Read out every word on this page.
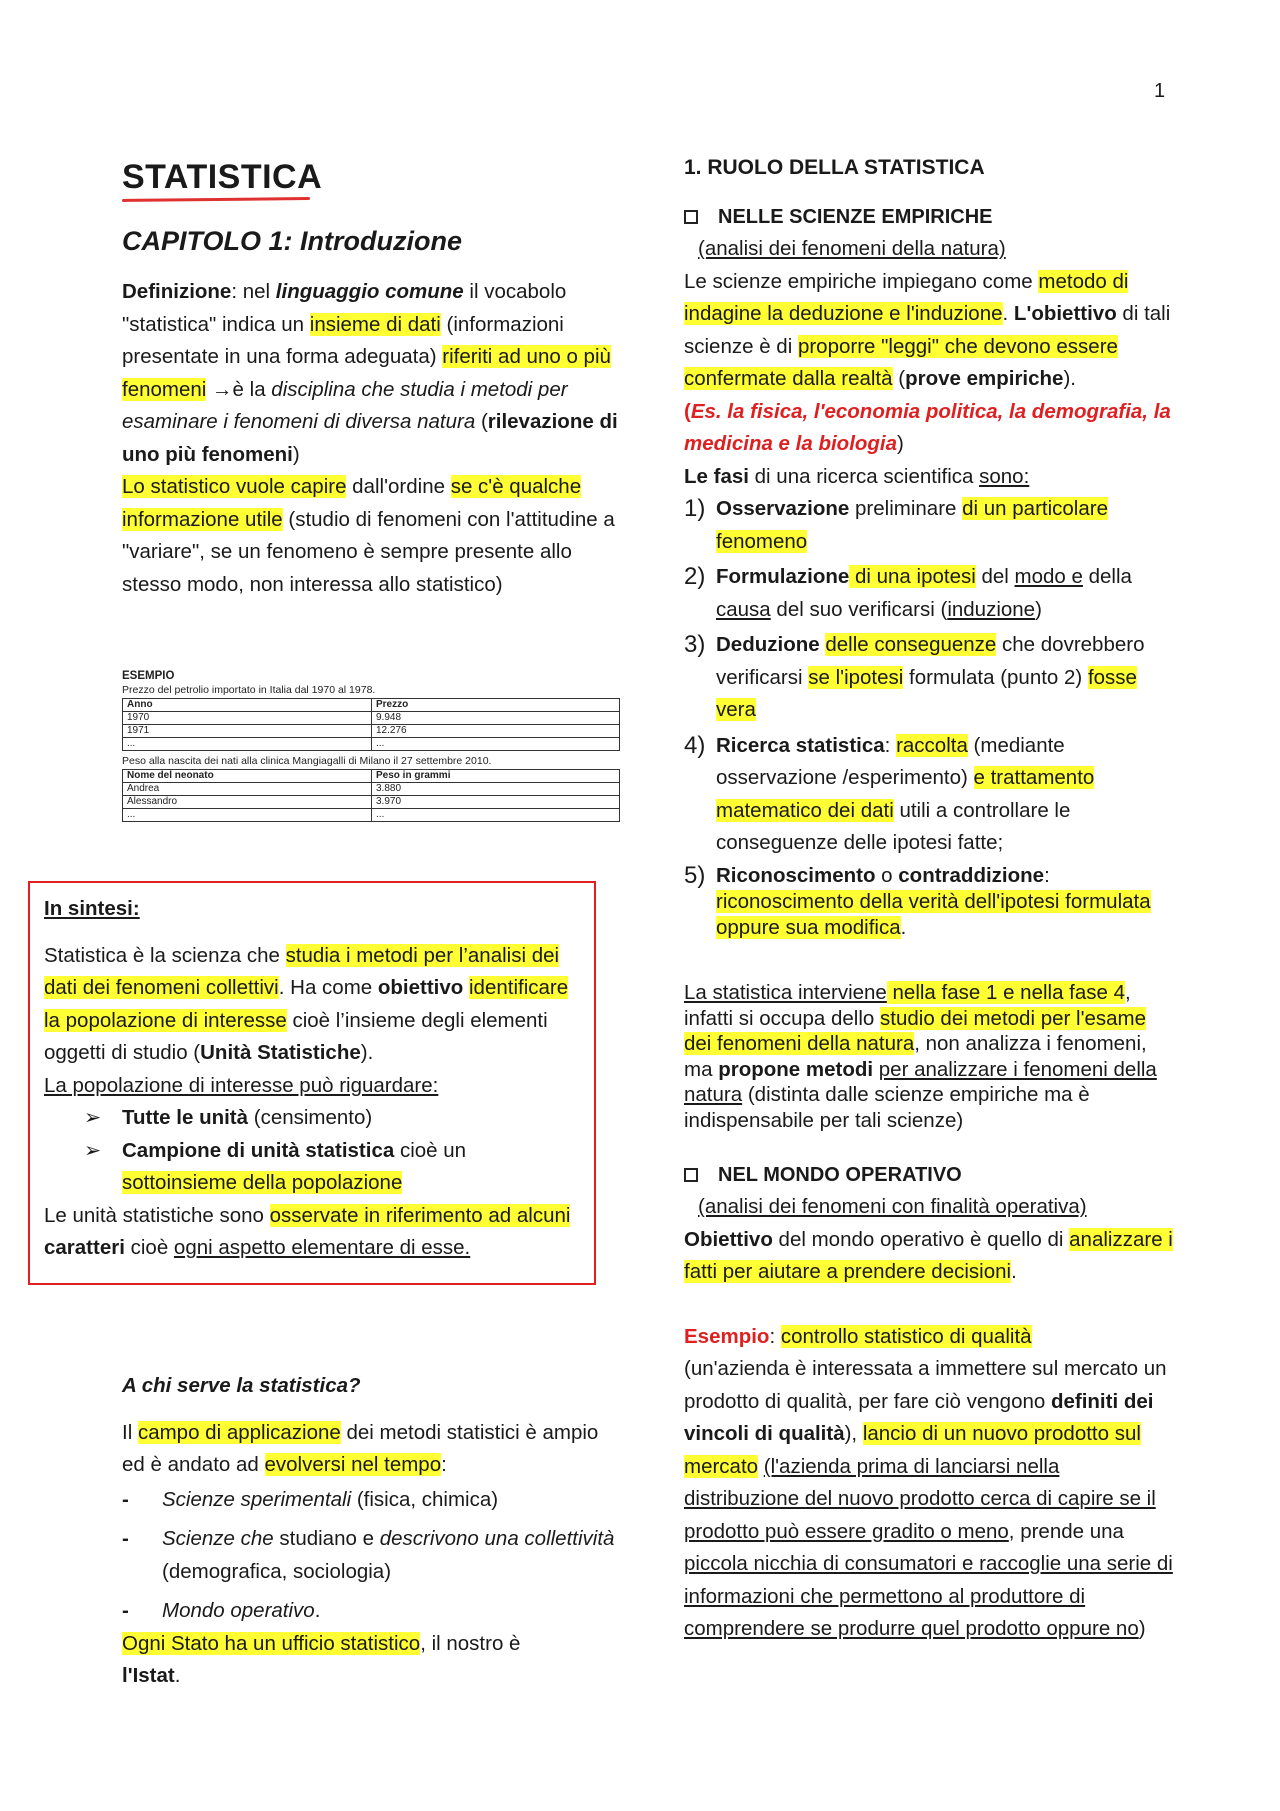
1
STATISTICA
CAPITOLO 1: Introduzione

Definizione: nel linguaggio comune il vocabolo "statistica" indica un insieme di dati (informazioni presentate in una forma adeguata) riferiti ad uno o più fenomeni →è la disciplina che studia i metodi per esaminare i fenomeni di diversa natura (rilevazione di uno più fenomeni)
Lo statistico vuole capire dall'ordine se c'è qualche informazione utile (studio di fenomeni con l'attitudine a "variare", se un fenomeno è sempre presente allo stesso modo, non interessa allo statistico)

ESEMPIO
Prezzo del petrolio importato in Italia dal 1970 al 1978.
Anno	Prezzo
1970	9.948
1971	12.276
...	...
Peso alla nascita dei nati alla clinica Mangiagalli di Milano il 27 settembre 2010.
Nome del neonato	Peso in grammi
Andrea	3.880
Alessandro	3.970
...	...

In sintesi:

Statistica è la scienza che studia i metodi per l’analisi dei dati dei fenomeni collettivi. Ha come obiettivo identificare la popolazione di interesse cioè l’insieme degli elementi oggetti di studio (Unità Statistiche).

La popolazione di interesse può riguardare:

➢ Tutte le unità (censimento)
➢ Campione di unità statistica cioè un sottoinsieme della popolazione

Le unità statistiche sono osservate in riferimento ad alcuni caratteri cioè ogni aspetto elementare di esse.

A chi serve la statistica?

Il campo di applicazione dei metodi statistici è ampio ed è andato ad evolversi nel tempo:

- Scienze sperimentali (fisica, chimica)
- Scienze che studiano e descrivono una collettività (demografica, sociologia)
- Mondo operativo.

Ogni Stato ha un ufficio statistico, il nostro è
l'Istat.

1. RUOLO DELLA STATISTICA

NELLE SCIENZE EMPIRICHE

(analisi dei fenomeni della natura)

Le scienze empiriche impiegano come metodo di indagine la deduzione e l'induzione. L'obiettivo di tali scienze è di proporre "leggi" che devono essere confermate dalla realtà (prove empiriche).

(Es. la fisica, l'economia politica, la demografia, la medicina e la biologia)

Le fasi di una ricerca scientifica sono:

1) Osservazione preliminare di un particolare fenomeno
2) Formulazione di una ipotesi del modo e della causa del suo verificarsi (induzione)
3) Deduzione delle conseguenze che dovrebbero verificarsi se l'ipotesi formulata (punto 2) fosse vera
4) Ricerca statistica: raccolta (mediante osservazione /esperimento) e trattamento matematico dei dati utili a controllare le conseguenze delle ipotesi fatte;
5) Riconoscimento o contraddizione:
riconoscimento della verità dell'ipotesi formulata oppure sua modifica.

La statistica interviene nella fase 1 e nella fase 4, infatti si occupa dello studio dei metodi per l'esame dei fenomeni della natura, non analizza i fenomeni, ma propone metodi per analizzare i fenomeni della natura (distinta dalle scienze empiriche ma è indispensabile per tali scienze)

NEL MONDO OPERATIVO

(analisi dei fenomeni con finalità operativa)

Obiettivo del mondo operativo è quello di analizzare i fatti per aiutare a prendere decisioni.

Esempio: controllo statistico di qualità
(un'azienda è interessata a immettere sul mercato un prodotto di qualità, per fare ciò vengono definiti dei vincoli di qualità), lancio di un nuovo prodotto sul mercato (l'azienda prima di lanciarsi nella distribuzione del nuovo prodotto cerca di capire se il prodotto può essere gradito o meno, prende una piccola nicchia di consumatori e raccoglie una serie di informazioni che permettono al produttore di comprendere se produrre quel prodotto oppure no)
